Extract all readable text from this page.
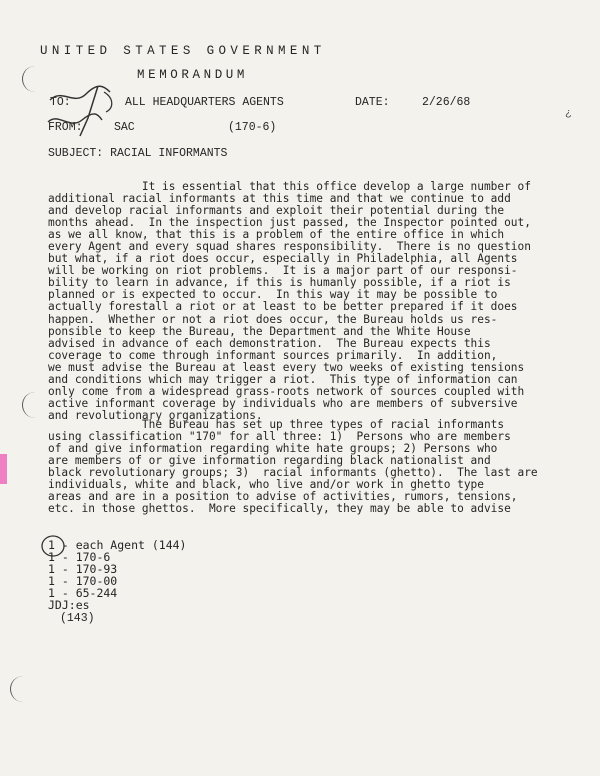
UNITED STATES GOVERNMENT
MEMORANDUM
TO:	ALL HEADQUARTERS AGENTS	DATE:	2/26/68
FROM:	SAC	(170-6)
SUBJECT: RACIAL INFORMANTS
¿
It is essential that this office develop a large number of
additional racial informants at this time and that we continue to add
and develop racial informants and exploit their potential during the
months ahead.  In the inspection just passed, the Inspector pointed out,
as we all know, that this is a problem of the entire office in which
every Agent and every squad shares responsibility.  There is no question
but what, if a riot does occur, especially in Philadelphia, all Agents
will be working on riot problems.  It is a major part of our responsi-
bility to learn in advance, if this is humanly possible, if a riot is
planned or is expected to occur.  In this way it may be possible to
actually forestall a riot or at least to be better prepared if it does
happen.  Whether or not a riot does occur, the Bureau holds us res-
ponsible to keep the Bureau, the Department and the White House
advised in advance of each demonstration.  The Bureau expects this
coverage to come through informant sources primarily.  In addition,
we must advise the Bureau at least every two weeks of existing tensions
and conditions which may trigger a riot.  This type of information can
only come from a widespread grass-roots network of sources coupled with
active informant coverage by individuals who are members of subversive
and revolutionary organizations.
The Bureau has set up three types of racial informants
using classification "170" for all three: 1)  Persons who are members
of and give information regarding white hate groups; 2) Persons who
are members of or give information regarding black nationalist and
black revolutionary groups; 3)  racial informants (ghetto).  The last are
individuals, white and black, who live and/or work in ghetto type
areas and are in a position to advise of activities, rumors, tensions,
etc. in those ghettos.  More specifically, they may be able to advise
1 - each Agent (144)
1 - 170-6
1 - 170-93
1 - 170-00
1 - 65-244
JDJ:es
(143)
